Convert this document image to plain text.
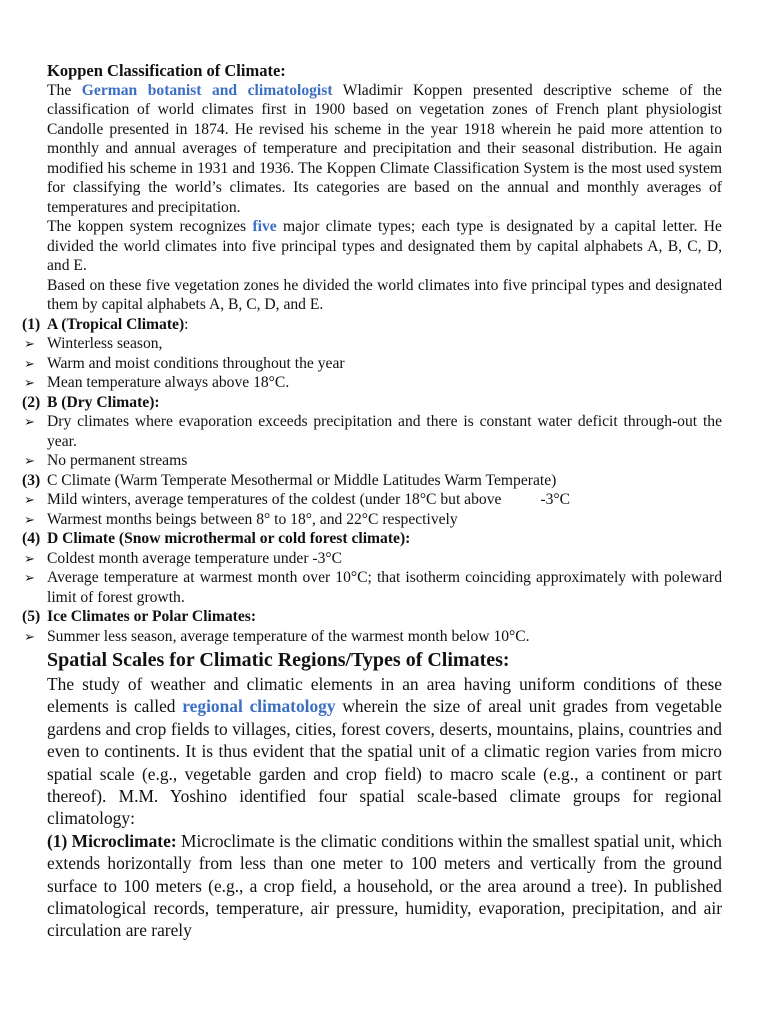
Koppen Classification of Climate:

The German botanist and climatologist Wladimir Koppen presented descriptive scheme of the classification of world climates first in 1900 based on vegetation zones of French plant physiologist Candolle presented in 1874. He revised his scheme in the year 1918 wherein he paid more attention to monthly and annual averages of temperature and precipitation and their seasonal distribution. He again modified his scheme in 1931 and 1936. The Koppen Climate Classification System is the most used system for classifying the world’s climates. Its categories are based on the annual and monthly averages of temperatures and precipitation.

The koppen system recognizes five major climate types; each type is designated by a capital letter. He divided the world climates into five principal types and designated them by capital alphabets A, B, C, D, and E.

Based on these five vegetation zones he divided the world climates into five principal types and designated them by capital alphabets A, B, C, D, and E.

(1) A (Tropical Climate):
➢ Winterless season,
➢ Warm and moist conditions throughout the year
➢ Mean temperature always above 18°C.
(2) B (Dry Climate):
➢ Dry climates where evaporation exceeds precipitation and there is constant water deficit through-out the year.
➢ No permanent streams
(3) C Climate (Warm Temperate Mesothermal or Middle Latitudes Warm Temperate)
➢ Mild winters, average temperatures of the coldest (under 18°C but above          -3°C
➢ Warmest months beings between 8° to 18°, and 22°C respectively
(4) D Climate (Snow microthermal or cold forest climate):
➢ Coldest month average temperature under -3°C
➢ Average temperature at warmest month over 10°C; that isotherm coinciding approximately with poleward limit of forest growth.
(5) Ice Climates or Polar Climates:
➢ Summer less season, average temperature of the warmest month below 10°C.
Spatial Scales for Climatic Regions/Types of Climates:

The study of weather and climatic elements in an area having uniform conditions of these elements is called regional climatology wherein the size of areal unit grades from vegetable gardens and crop fields to villages, cities, forest covers, deserts, mountains, plains, countries and even to continents. It is thus evident that the spatial unit of a climatic region varies from micro spatial scale (e.g., vegetable garden and crop field) to macro scale (e.g., a continent or part thereof). M.M. Yoshino identified four spatial scale-based climate groups for regional climatology:

(1) Microclimate: Microclimate is the climatic conditions within the smallest spatial unit, which extends horizontally from less than one meter to 100 meters and vertically from the ground surface to 100 meters (e.g., a crop field, a household, or the area around a tree). In published climatological records, temperature, air pressure, humidity, evaporation, precipitation, and air circulation are rarely
